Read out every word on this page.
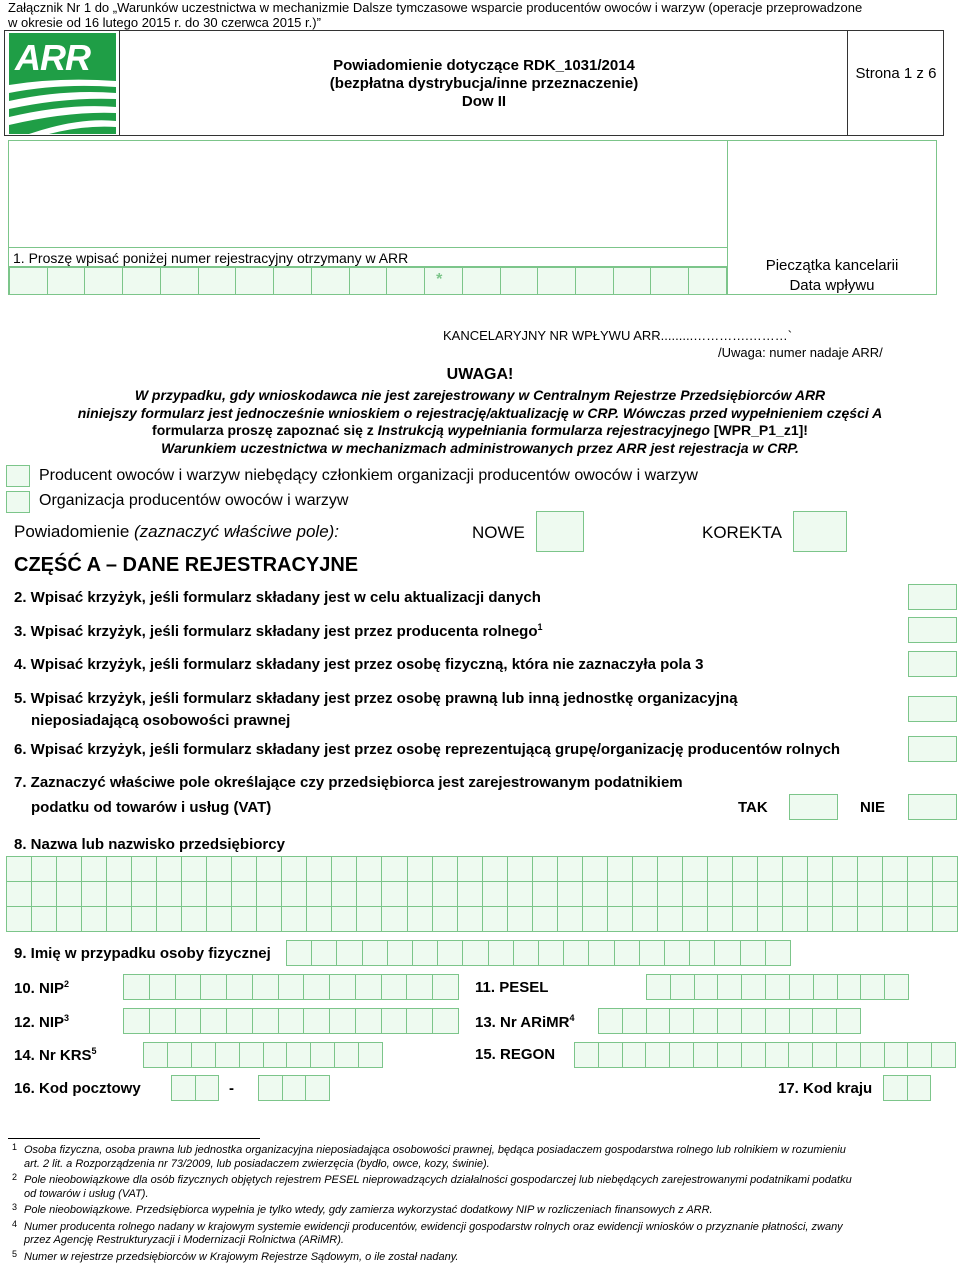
Załącznik Nr 1 do „Warunków uczestnictwa w mechanizmie Dalsze tymczasowe wsparcie producentów owoców i warzyw (operacje przeprowadzone
w okresie od 16 lutego 2015 r. do 30 czerwca 2015 r.)”
ARR	Powiadomienie dotyczące RDK_1031/2014
(bezpłatna dystrybucja/inne przeznaczenie)
Dow II
Strona 1 z 6
1. Proszę wpisać poniżej numer rejestracyjny otrzymany w ARR
*
Pieczątka kancelarii
Data wpływu
KANCELARYJNY NR WPŁYWU ARR.........………….………`
/Uwaga: numer nadaje ARR/
UWAGA!
W przypadku, gdy wnioskodawca nie jest zarejestrowany w Centralnym Rejestrze Przedsiębiorców ARR
niniejszy formularz jest jednocześnie wnioskiem o rejestrację/aktualizację w CRP. Wówczas przed wypełnieniem części A
formularza proszę zapoznać się z Instrukcją wypełniania formularza rejestracyjnego [WPR_P1_z1]!
Warunkiem uczestnictwa w mechanizmach administrowanych przez ARR jest rejestracja w CRP.
Producent owoców i warzyw niebędący członkiem organizacji producentów owoców i warzyw
Organizacja producentów owoców i warzyw
Powiadomienie (zaznaczyć właściwe pole):	NOWE	KOREKTA
CZĘŚĆ A – DANE REJESTRACYJNE
2. Wpisać krzyżyk, jeśli formularz składany jest w celu aktualizacji danych
3. Wpisać krzyżyk, jeśli formularz składany jest przez producenta rolnego$^1$
4. Wpisać krzyżyk, jeśli formularz składany jest przez osobę fizyczną, która nie zaznaczyła pola 3
5. Wpisać krzyżyk, jeśli formularz składany jest przez osobę prawną lub inną jednostkę organizacyjną
nieposiadającą osobowości prawnej
6. Wpisać krzyżyk, jeśli formularz składany jest przez osobę reprezentującą grupę/organizację producentów rolnych
7. Zaznaczyć właściwe pole określające czy przedsiębiorca jest zarejestrowanym podatnikiem
podatku od towarów i usług (VAT)	TAK	NIE
8. Nazwa lub nazwisko przedsiębiorcy
9. Imię w przypadku osoby fizycznej
10. NIP$^2$	11. PESEL
12. NIP$^3$	13. Nr ARiMR$^4$
14. Nr KRS$^5$	15. REGON
16. Kod pocztowy	-	17. Kod kraju
1 Osoba fizyczna, osoba prawna lub jednostka organizacyjna nieposiadająca osobowości prawnej, będąca posiadaczem gospodarstwa rolnego lub rolnikiem w rozumieniu
art. 2 lit. a Rozporządzenia nr 73/2009, lub posiadaczem zwierzęcia (bydło, owce, kozy, świnie).
2 Pole nieobowiązkowe dla osób fizycznych objętych rejestrem PESEL nieprowadzących działalności gospodarczej lub niebędących zarejestrowanymi podatnikami podatku
od towarów i usług (VAT).
3 Pole nieobowiązkowe. Przedsiębiorca wypełnia je tylko wtedy, gdy zamierza wykorzystać dodatkowy NIP w rozliczeniach finansowych z ARR.
4 Numer producenta rolnego nadany w krajowym systemie ewidencji producentów, ewidencji gospodarstw rolnych oraz ewidencji wniosków o przyznanie płatności, zwany
przez Agencję Restrukturyzacji i Modernizacji Rolnictwa (ARiMR).
5 Numer w rejestrze przedsiębiorców w Krajowym Rejestrze Sądowym, o ile został nadany.
